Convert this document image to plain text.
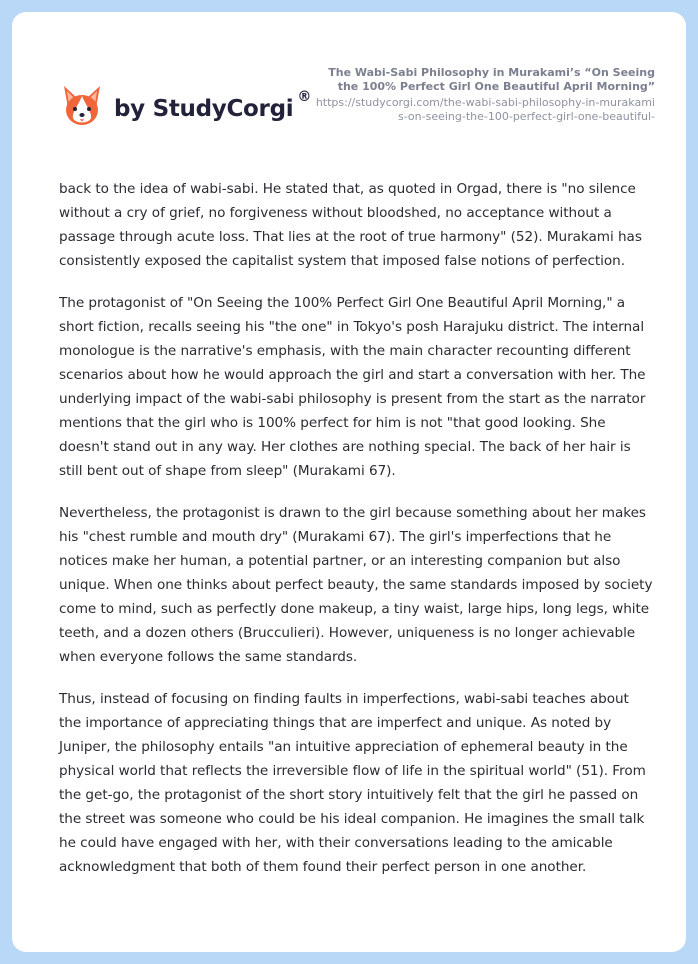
by StudyCorgi ®
The Wabi-Sabi Philosophy in Murakami’s “On Seeing the 100% Perfect Girl One Beautiful April Morning”
https://studycorgi.com/the-wabi-sabi-philosophy-in-murakamis-on-seeing-the-100-perfect-girl-one-beautiful-

back to the idea of wabi-sabi. He stated that, as quoted in Orgad, there is "no silence without a cry of grief, no forgiveness without bloodshed, no acceptance without a passage through acute loss. That lies at the root of true harmony" (52). Murakami has consistently exposed the capitalist system that imposed false notions of perfection.

The protagonist of "On Seeing the 100% Perfect Girl One Beautiful April Morning," a short fiction, recalls seeing his "the one" in Tokyo's posh Harajuku district. The internal monologue is the narrative's emphasis, with the main character recounting different scenarios about how he would approach the girl and start a conversation with her. The underlying impact of the wabi-sabi philosophy is present from the start as the narrator mentions that the girl who is 100% perfect for him is not "that good looking. She doesn't stand out in any way. Her clothes are nothing special. The back of her hair is still bent out of shape from sleep" (Murakami 67).

Nevertheless, the protagonist is drawn to the girl because something about her makes his "chest rumble and mouth dry" (Murakami 67). The girl's imperfections that he notices make her human, a potential partner, or an interesting companion but also unique. When one thinks about perfect beauty, the same standards imposed by society come to mind, such as perfectly done makeup, a tiny waist, large hips, long legs, white teeth, and a dozen others (Brucculieri). However, uniqueness is no longer achievable when everyone follows the same standards.

Thus, instead of focusing on finding faults in imperfections, wabi-sabi teaches about the importance of appreciating things that are imperfect and unique. As noted by Juniper, the philosophy entails "an intuitive appreciation of ephemeral beauty in the physical world that reflects the irreversible flow of life in the spiritual world" (51). From the get-go, the protagonist of the short story intuitively felt that the girl he passed on the street was someone who could be his ideal companion. He imagines the small talk he could have engaged with her, with their conversations leading to the amicable acknowledgment that both of them found their perfect person in one another.
